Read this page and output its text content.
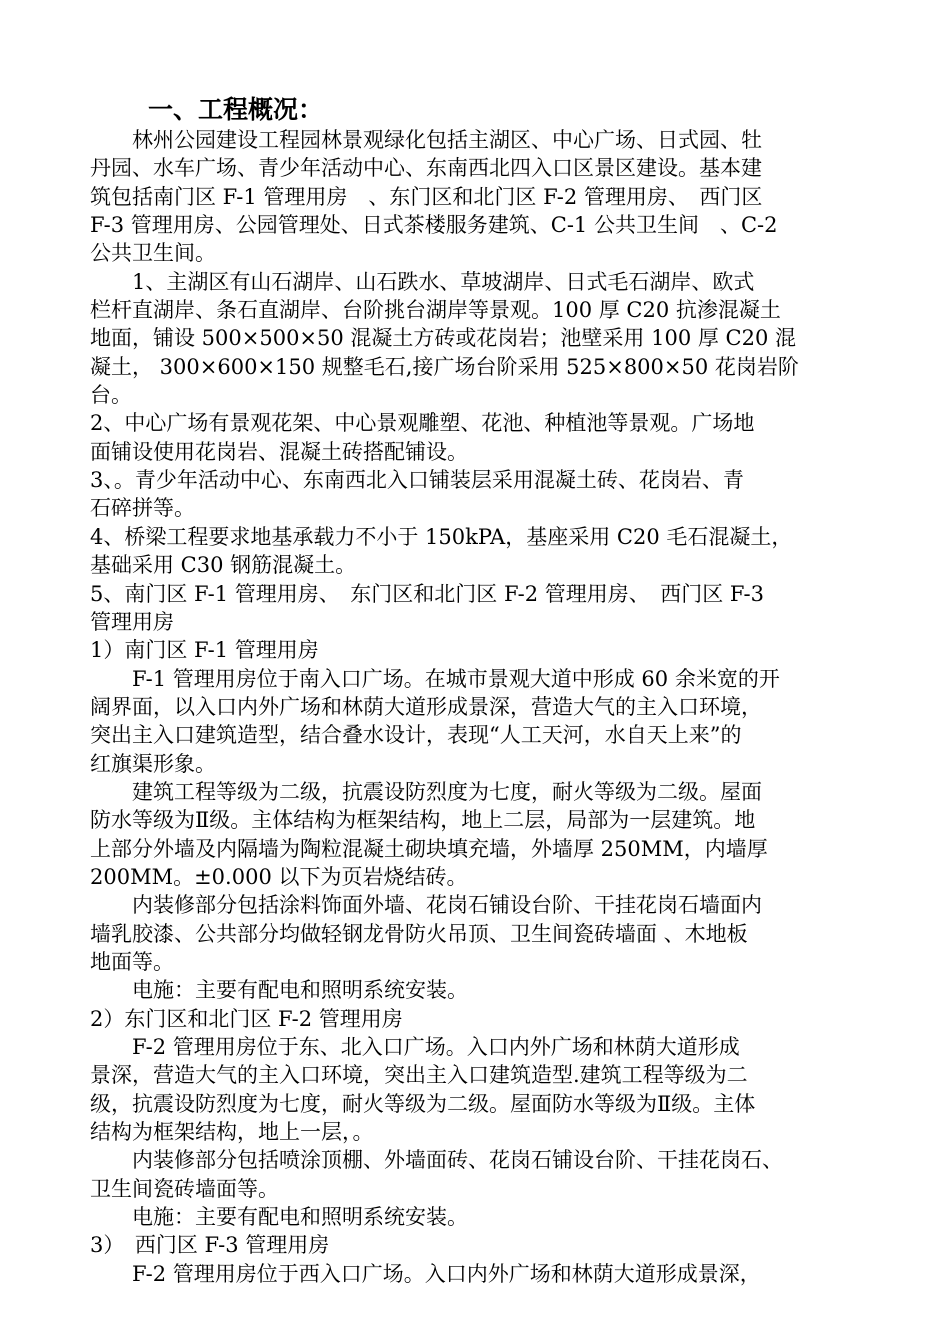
一、工程概况：
　　林州公园建设工程园林景观绿化包括主湖区、中心广场、日式园、牡
丹园、水车广场、青少年活动中心、东南西北四入口区景区建设。基本建
筑包括南门区 F-1 管理用房　、东门区和北门区 F-2 管理用房、　西门区
F-3 管理用房、公园管理处、日式茶楼服务建筑、C-1 公共卫生间　、C-2
公共卫生间。
　　1、主湖区有山石湖岸、山石跌水、草坡湖岸、日式毛石湖岸、欧式
栏杆直湖岸、条石直湖岸、台阶挑台湖岸等景观。100 厚 C20 抗渗混凝土
地面，铺设 500×500×50 混凝土方砖或花岗岩；池壁采用 100 厚 C20 混
凝土， 300×600×150 规整毛石,接广场台阶采用 525×800×50 花岗岩阶
台。
2、中心广场有景观花架、中心景观雕塑、花池、种植池等景观。广场地
面铺设使用花岗岩、混凝土砖搭配铺设。
3、。青少年活动中心、东南西北入口铺装层采用混凝土砖、花岗岩、青
石碎拼等。
4、桥梁工程要求地基承载力不小于 150kPA，基座采用 C20 毛石混凝土，
基础采用 C30 钢筋混凝土。
5、南门区 F-1 管理用房、　东门区和北门区 F-2 管理用房、　西门区 F-3
管理用房
1）南门区 F-1 管理用房
　　F-1 管理用房位于南入口广场。在城市景观大道中形成 60 余米宽的开
阔界面，以入口内外广场和林荫大道形成景深，营造大气的主入口环境，
突出主入口建筑造型，结合叠水设计，表现“人工天河，水自天上来”的
红旗渠形象。
　　建筑工程等级为二级，抗震设防烈度为七度，耐火等级为二级。屋面
防水等级为Ⅱ级。主体结构为框架结构，地上二层，局部为一层建筑。地
上部分外墙及内隔墙为陶粒混凝土砌块填充墙，外墙厚 250MM，内墙厚
200MM。±0.000 以下为页岩烧结砖。
　　内装修部分包括涂料饰面外墙、花岗石铺设台阶、干挂花岗石墙面内
墙乳胶漆、公共部分均做轻钢龙骨防火吊顶、卫生间瓷砖墙面 、木地板
地面等。
　　电施：主要有配电和照明系统安装。
2）东门区和北门区 F-2 管理用房
　　F-2 管理用房位于东、北入口广场。入口内外广场和林荫大道形成
景深，营造大气的主入口环境，突出主入口建筑造型.建筑工程等级为二
级，抗震设防烈度为七度，耐火等级为二级。屋面防水等级为Ⅱ级。主体
结构为框架结构，地上一层，。
　　内装修部分包括喷涂顶棚、外墙面砖、花岗石铺设台阶、干挂花岗石、
卫生间瓷砖墙面等。
　　电施：主要有配电和照明系统安装。
3）　西门区 F-3 管理用房
　　F-2 管理用房位于西入口广场。入口内外广场和林荫大道形成景深，
